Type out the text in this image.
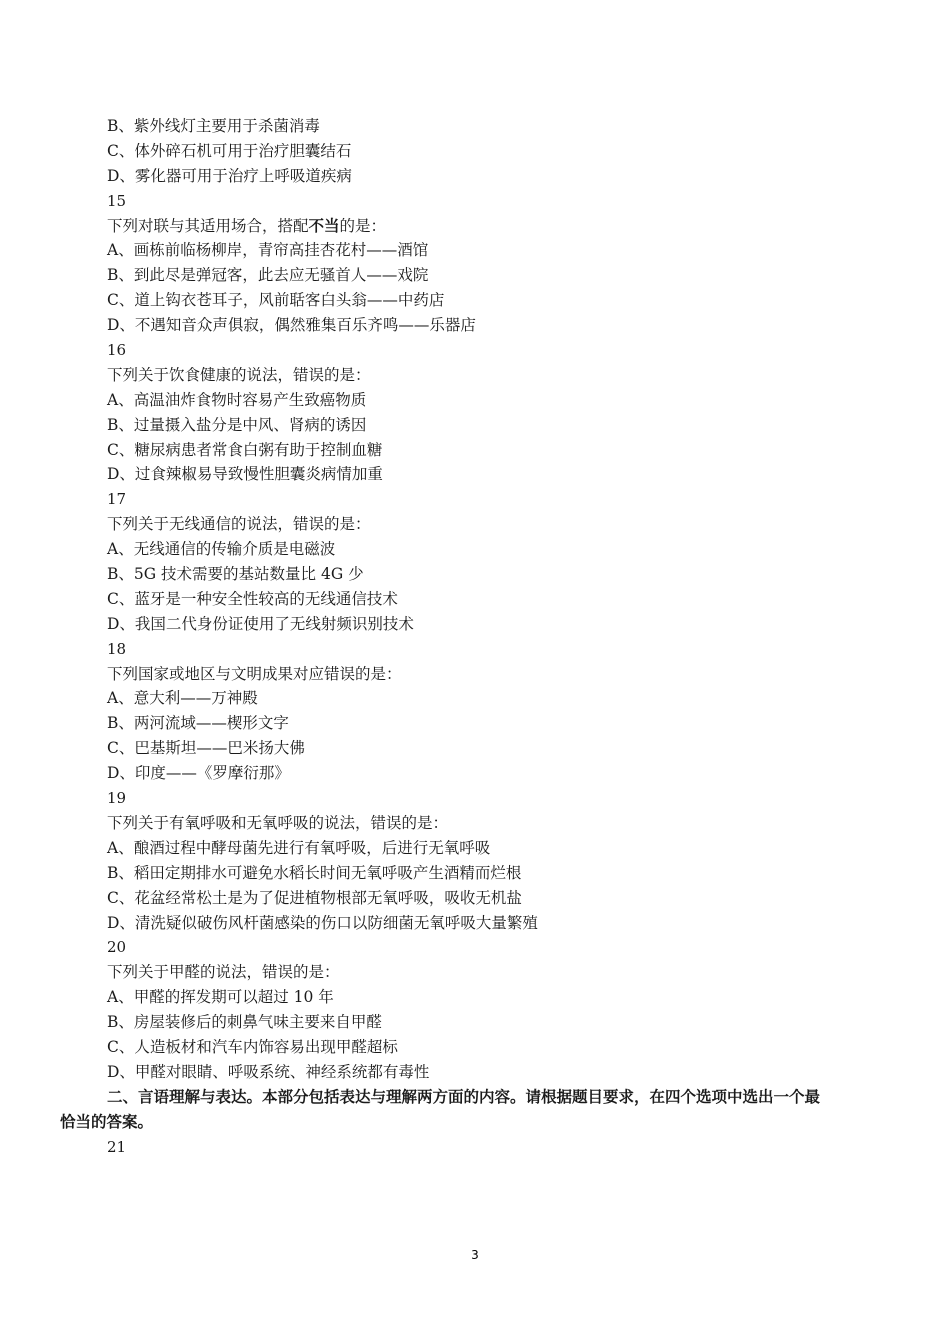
B、紫外线灯主要用于杀菌消毒
C、体外碎石机可用于治疗胆囊结石
D、雾化器可用于治疗上呼吸道疾病
15
下列对联与其适用场合，搭配不当的是：
A、画栋前临杨柳岸，青帘高挂杏花村——酒馆
B、到此尽是弹冠客，此去应无骚首人——戏院
C、道上钩衣苍耳子，风前聒客白头翁——中药店
D、不遇知音众声俱寂，偶然雅集百乐齐鸣——乐器店
16
下列关于饮食健康的说法，错误的是：
A、高温油炸食物时容易产生致癌物质
B、过量摄入盐分是中风、肾病的诱因
C、糖尿病患者常食白粥有助于控制血糖
D、过食辣椒易导致慢性胆囊炎病情加重
17
下列关于无线通信的说法，错误的是：
A、无线通信的传输介质是电磁波
B、5G 技术需要的基站数量比 4G 少
C、蓝牙是一种安全性较高的无线通信技术
D、我国二代身份证使用了无线射频识别技术
18
下列国家或地区与文明成果对应错误的是：
A、意大利——万神殿
B、两河流域——楔形文字
C、巴基斯坦——巴米扬大佛
D、印度——《罗摩衍那》
19
下列关于有氧呼吸和无氧呼吸的说法，错误的是：
A、酿酒过程中酵母菌先进行有氧呼吸，后进行无氧呼吸
B、稻田定期排水可避免水稻长时间无氧呼吸产生酒精而烂根
C、花盆经常松土是为了促进植物根部无氧呼吸，吸收无机盐
D、清洗疑似破伤风杆菌感染的伤口以防细菌无氧呼吸大量繁殖
20
下列关于甲醛的说法，错误的是：
A、甲醛的挥发期可以超过 10 年
B、房屋装修后的刺鼻气味主要来自甲醛
C、人造板材和汽车内饰容易出现甲醛超标
D、甲醛对眼睛、呼吸系统、神经系统都有毒性
二、言语理解与表达。本部分包括表达与理解两方面的内容。请根据题目要求，在四个选项中选出一个最
恰当的答案。
21
3
